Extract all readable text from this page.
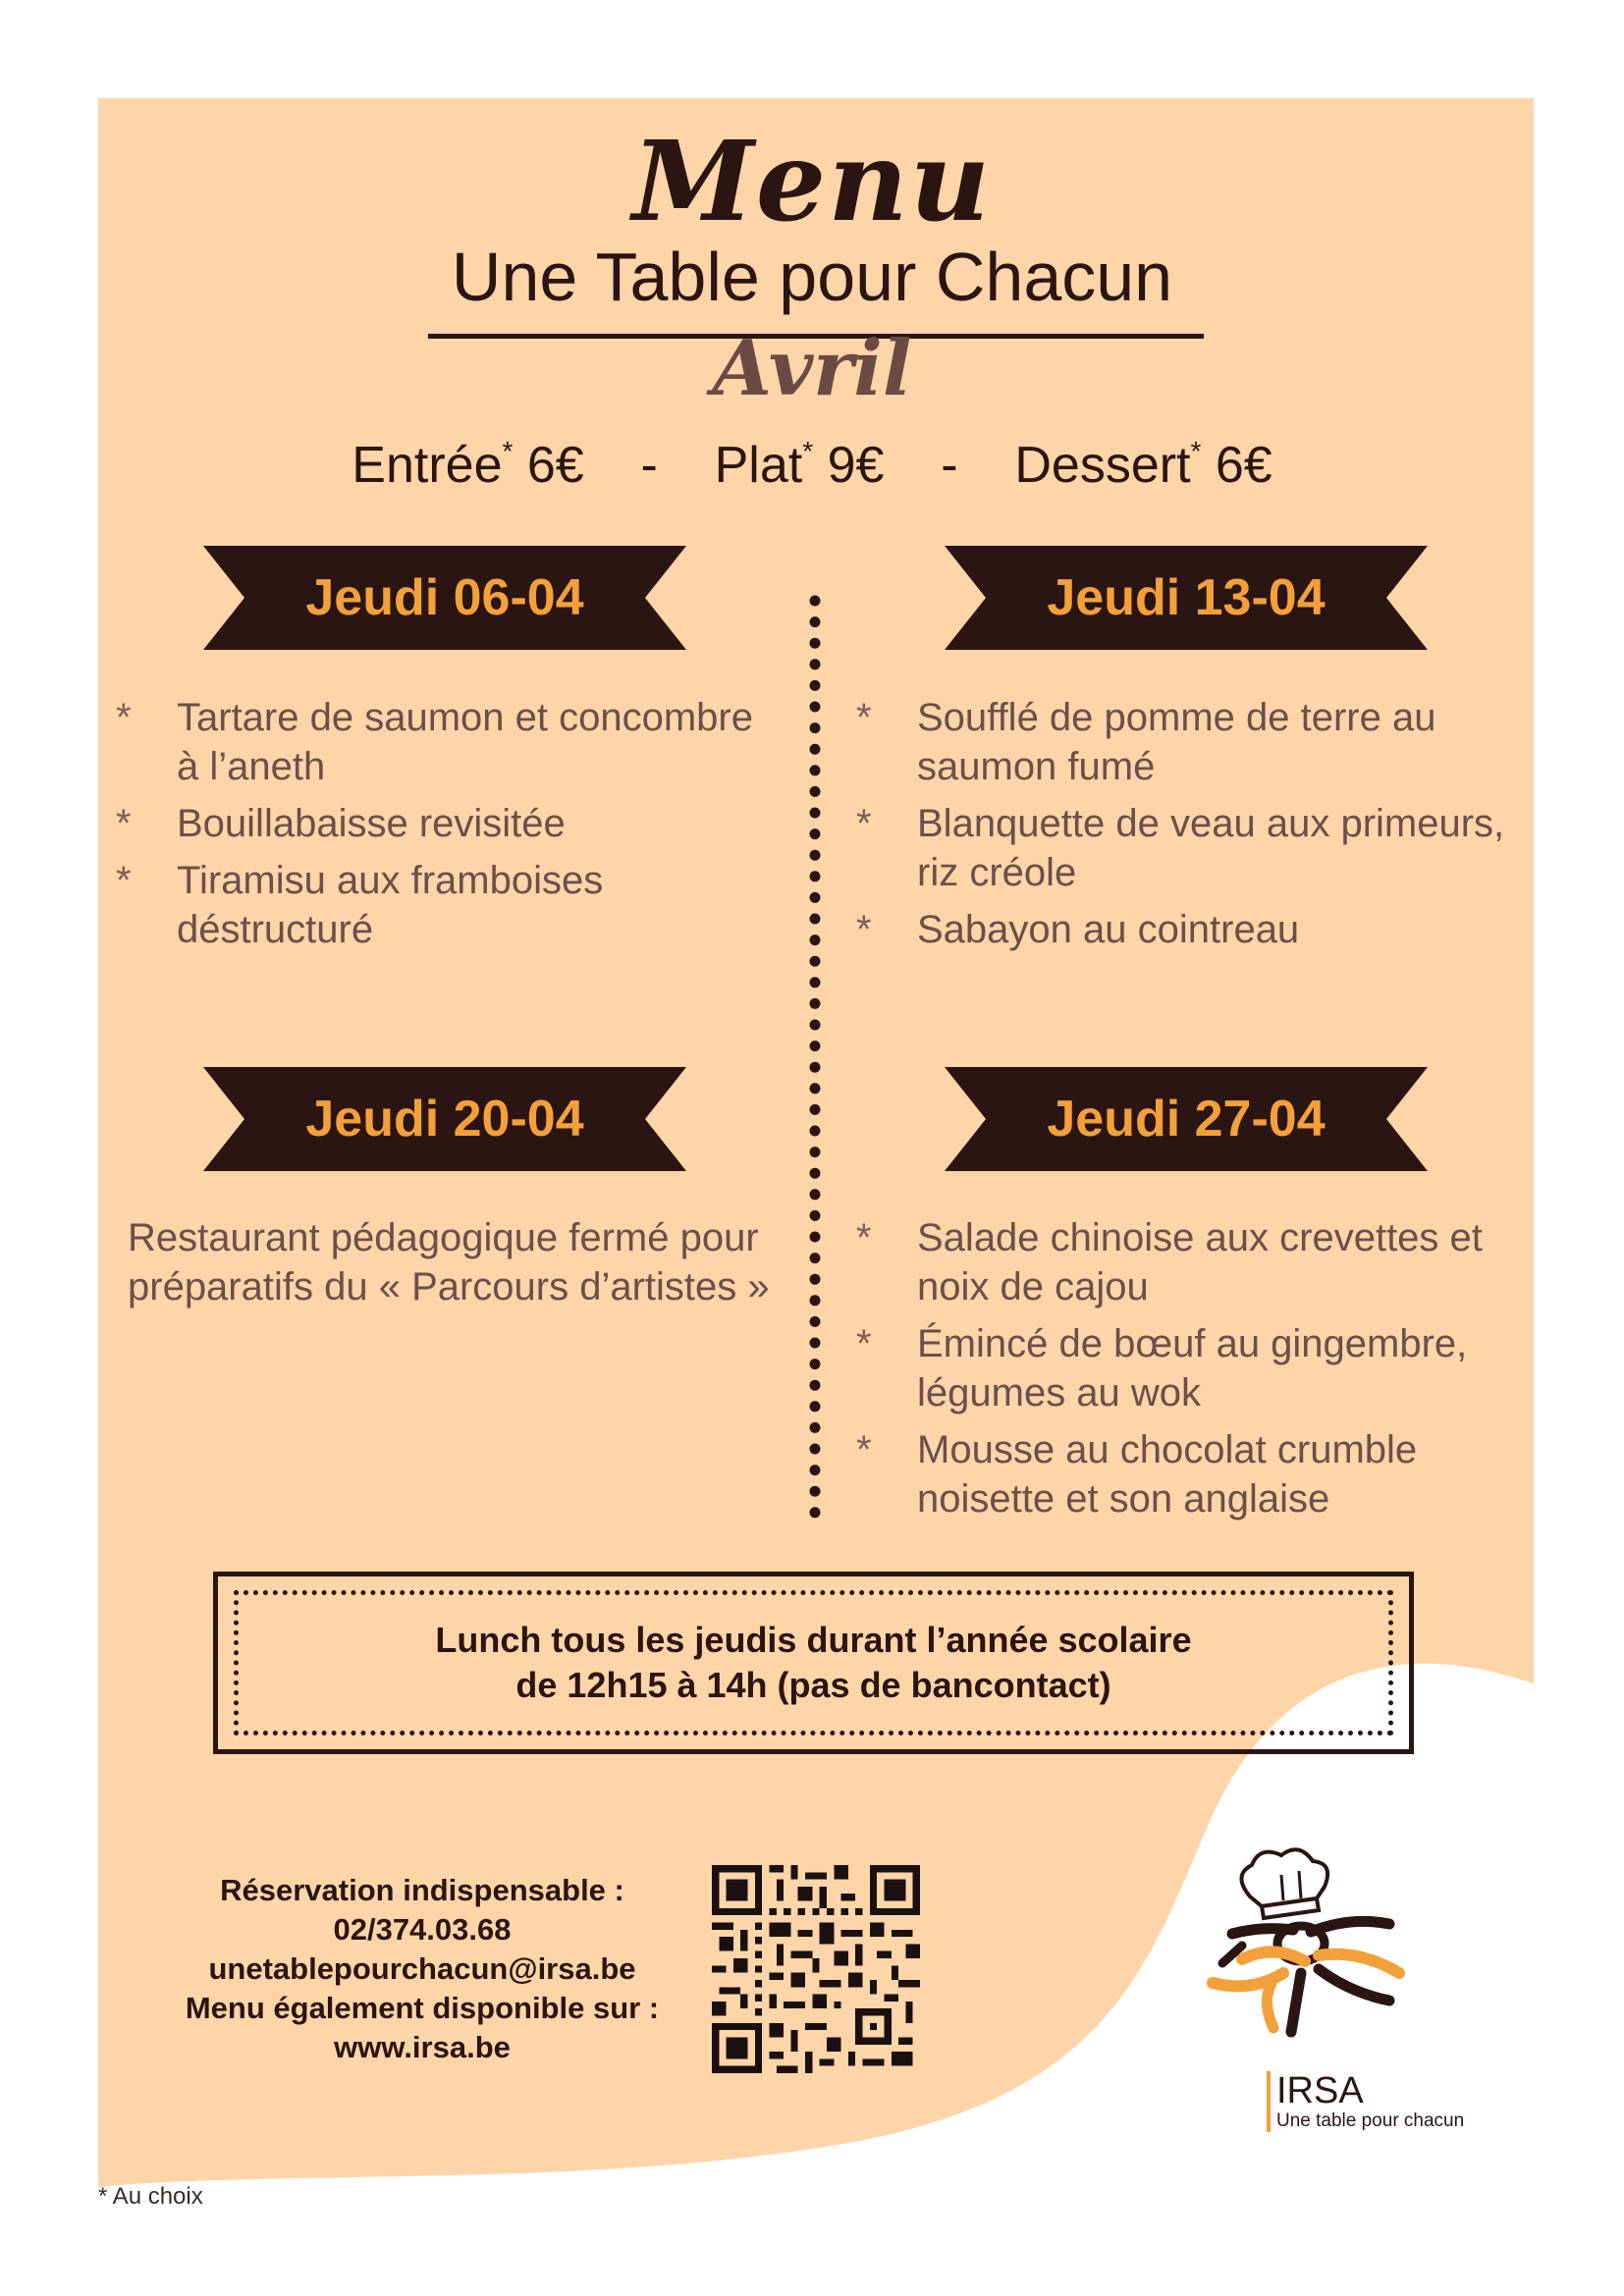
Menu
Une Table pour Chacun
Avril
Entrée* 6€ - Plat* 9€ - Dessert* 6€
Jeudi 06-04	Jeudi 13-04
Jeudi 20-04	Jeudi 27-04
*	Tartare de saumon et concombre à l’aneth
*	Bouillabaisse revisitée
*	Tiramisu aux framboises déstructuré
*	Soufflé de pomme de terre au saumon fumé
*	Blanquette de veau aux primeurs, riz créole
*	Sabayon au cointreau
Restaurant pédagogique fermé pour
préparatifs du « Parcours d’artistes »
*	Salade chinoise aux crevettes et noix de cajou
*	Émincé de bœuf au gingembre, légumes au wok
*	Mousse au chocolat crumble noisette et son anglaise
Lunch tous les jeudis durant l’année scolaire
de 12h15 à 14h (pas de bancontact)
Réservation indispensable :
02/374.03.68
unetablepourchacun@irsa.be
Menu également disponible sur :
www.irsa.be
IRSA
Une table pour chacun
* Au choix
